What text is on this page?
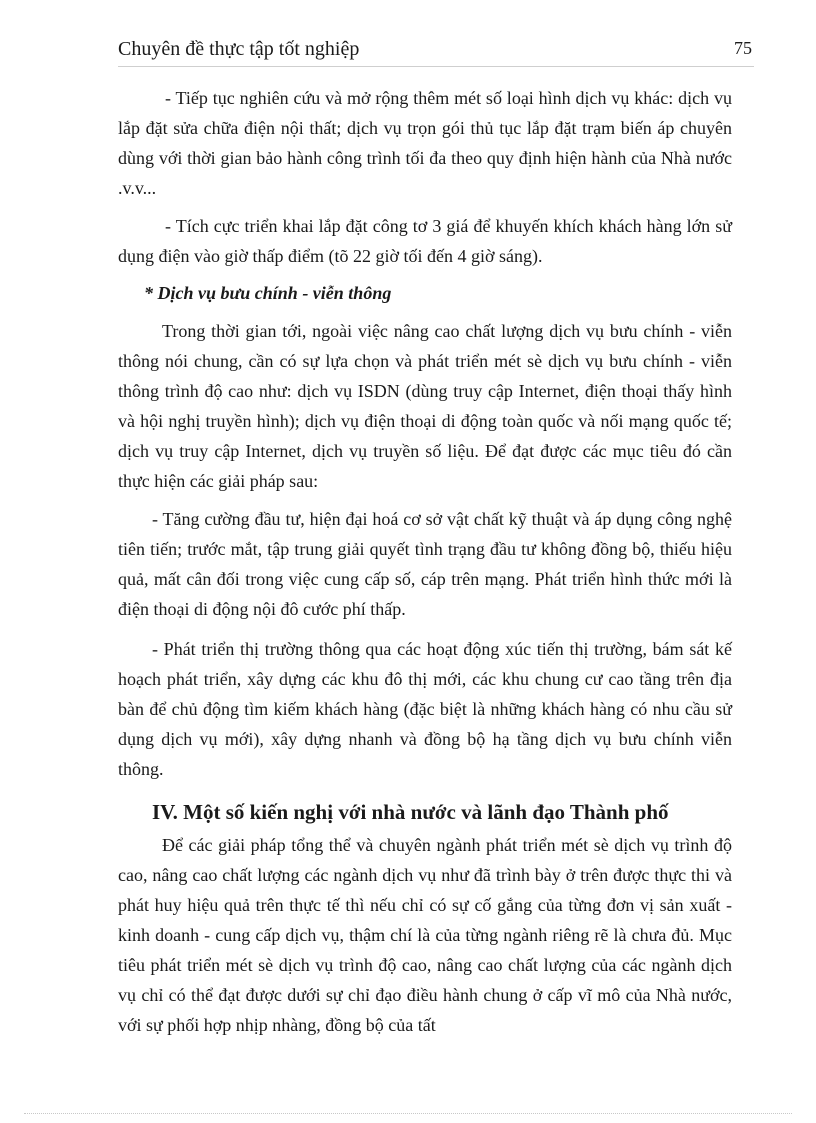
Chuyên đề thực tập tốt nghiệp	75

- Tiếp tục nghiên cứu và mở rộng thêm mét số loại hình dịch vụ khác: dịch vụ lắp đặt sửa chữa điện nội thất; dịch vụ trọn gói thủ tục lắp đặt trạm biến áp chuyên dùng với thời gian bảo hành công trình tối đa theo quy định hiện hành của Nhà nước .v.v...

- Tích cực triển khai lắp đặt công tơ 3 giá để khuyến khích khách hàng lớn sử dụng điện vào giờ thấp điểm (tõ 22 giờ tối đến 4 giờ sáng).

* Dịch vụ bưu chính - viễn thông

Trong thời gian tới, ngoài việc nâng cao chất lượng dịch vụ bưu chính - viễn thông nói chung, cần có sự lựa chọn và phát triển mét sè dịch vụ bưu chính - viễn thông trình độ cao như: dịch vụ ISDN (dùng truy cập Internet, điện thoại thấy hình và hội nghị truyền hình); dịch vụ điện thoại di động toàn quốc và nối mạng quốc tế; dịch vụ truy cập Internet, dịch vụ truyền số liệu. Để đạt được các mục tiêu đó cần thực hiện các giải pháp sau:

- Tăng cường đầu tư, hiện đại hoá cơ sở vật chất kỹ thuật và áp dụng công nghệ tiên tiến; trước mắt, tập trung giải quyết tình trạng đầu tư không đồng bộ, thiếu hiệu quả, mất cân đối trong việc cung cấp số, cáp trên mạng. Phát triển hình thức mới là điện thoại di động nội đô cước phí thấp.

- Phát triển thị trường thông qua các hoạt động xúc tiến thị trường, bám sát kế hoạch phát triển, xây dựng các khu đô thị mới, các khu chung cư cao tầng trên địa bàn để chủ động tìm kiếm khách hàng (đặc biệt là những khách hàng có nhu cầu sử dụng dịch vụ mới), xây dựng nhanh và đồng bộ hạ tầng dịch vụ bưu chính viễn thông.

IV. Một số kiến nghị với nhà nước và lãnh đạo Thành phố

Để các giải pháp tổng thể và chuyên ngành phát triển mét sè dịch vụ trình độ cao, nâng cao chất lượng các ngành dịch vụ như đã trình bày ở trên được thực thi và phát huy hiệu quả trên thực tế thì nếu chỉ có sự cố gắng của từng đơn vị sản xuất - kinh doanh - cung cấp dịch vụ, thậm chí là của từng ngành riêng rẽ là chưa đủ. Mục tiêu phát triển mét sè dịch vụ trình độ cao, nâng cao chất lượng của các ngành dịch vụ chỉ có thể đạt được dưới sự chỉ đạo điều hành chung ở cấp vĩ mô của Nhà nước, với sự phối hợp nhịp nhàng, đồng bộ của tất
